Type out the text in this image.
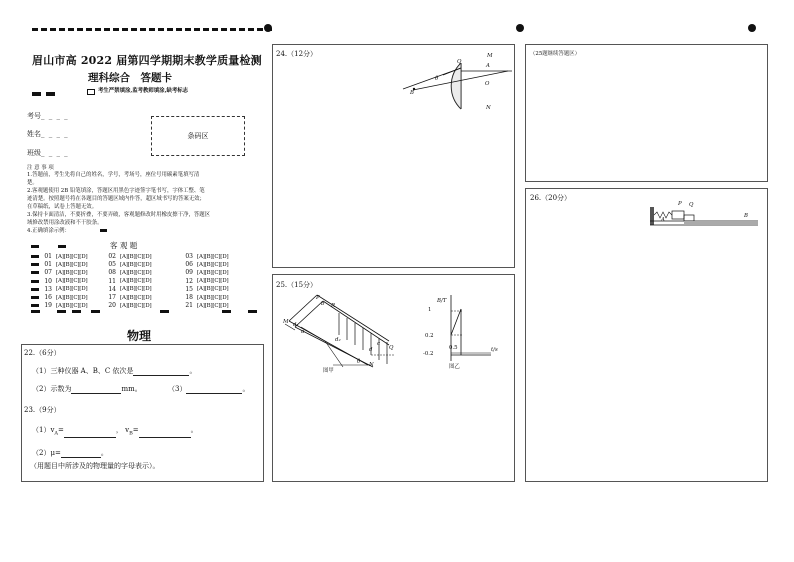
眉山市高 2022 届第四学期期末教学质量检测
理科综合　答题卡
考生严禁填涂,监考教师填涂,缺考标志
考号_ _ _ _
姓名_ _ _ _
班级_ _ _ _
条码区
注 意 事 项
1.答题前，考生先将自己的姓名，学号，考场号，座位号用碳素笔填写清
楚。
2.客观题使用 2B 铅笔填涂，答题区用黑色字迹签字笔书写，字体工整、笔
迹清楚。按照题号将在各题目的答题区域内作答，超区域书写的答案无效；
在草稿纸，试卷上答题无效。
3.保持卡面清洁，不要折叠，不要弄破，客观题修改时用橡皮擦干净，答题区
域修改禁用涂改液和不干胶条。
4.正确填涂示例：
客 观 题
01 [A][B][C][D]	02 [A][B][C][D]	03 [A][B][C][D]
01 [A][B][C][D]	05 [A][B][C][D]	06 [A][B][C][D]
07 [A][B][C][D]	08 [A][B][C][D]	09 [A][B][C][D]
10 [A][B][C][D]	11 [A][B][C][D]	12 [A][B][C][D]
13 [A][B][C][D]	14 [A][B][C][D]	15 [A][B][C][D]
16 [A][B][C][D]	17 [A][B][C][D]	18 [A][B][C][D]
19 [A][B][C][D]	20 [A][B][C][D]	21 [A][B][C][D]
物理
22.（6分）
（1）三种仪器 A、B、C 依次是	。
（2）示数为	mm。	（3）	。
23.（9分）
$(1)v_A=$	， $v_B=$	。
（2）μ=	。
（用题目中所涉及的物理量的字母表示）。
24.（12分）	M
A
O
N
Q
B
θ
25.（15分）
P
M d₁
a
b R
d₂
c
d	Q
θ N
图甲
B/T
t/s
1
0.2
-0.2
0.5
图乙
（25题继续答题区）
26.（20分）
P Q
A
B
